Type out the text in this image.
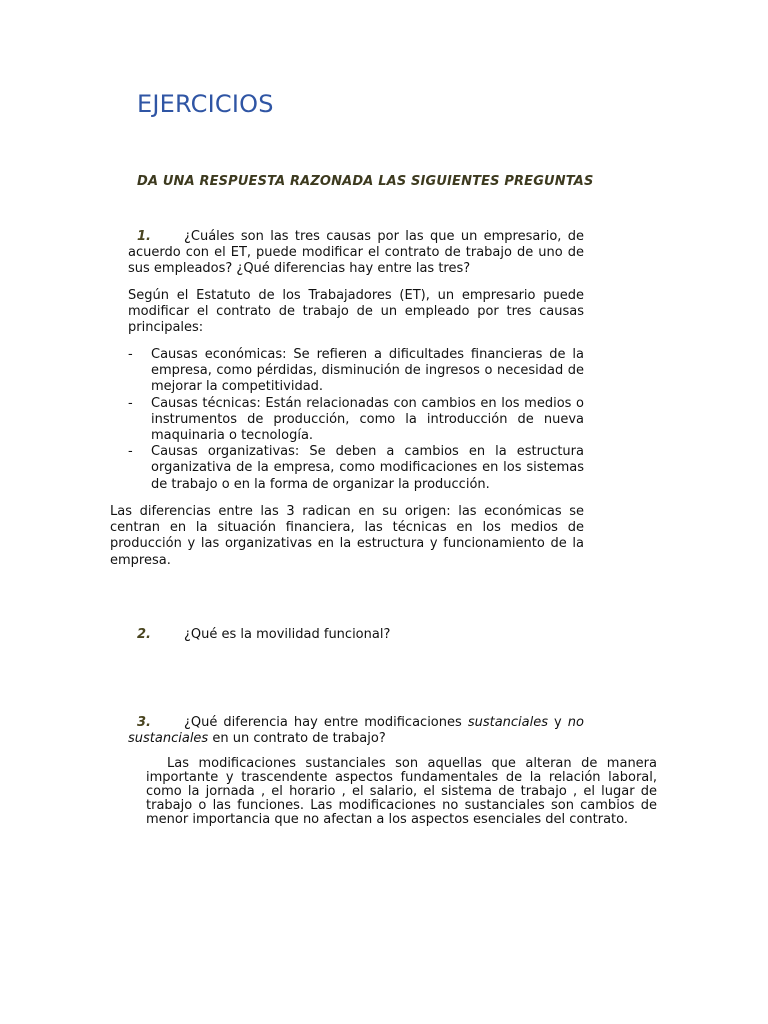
EJERCICIOS

DA UNA RESPUESTA RAZONADA LAS SIGUIENTES PREGUNTAS

1.	¿Cuáles son las tres causas por las que un empresario, de acuerdo con el ET, puede modificar el contrato de trabajo de uno de sus empleados? ¿Qué diferencias hay entre las tres?

Según el Estatuto de los Trabajadores (ET), un empresario puede modificar el contrato de trabajo de un empleado por tres causas principales:

- Causas económicas: Se refieren a dificultades financieras de la empresa, como pérdidas, disminución de ingresos o necesidad de mejorar la competitividad.
- Causas técnicas: Están relacionadas con cambios en los medios o instrumentos de producción, como la introducción de nueva maquinaria o tecnología.
- Causas organizativas: Se deben a cambios en la estructura organizativa de la empresa, como modificaciones en los sistemas de trabajo o en la forma de organizar la producción.

Las diferencias entre las 3 radican en su origen: las económicas se centran en la situación financiera, las técnicas en los medios de producción y las organizativas en la estructura y funcionamiento de la empresa.

2.	¿Qué es la movilidad funcional?

3.	¿Qué diferencia hay entre modificaciones sustanciales y no sustanciales en un contrato de trabajo?

Las modificaciones sustanciales son aquellas que alteran de manera importante y trascendente aspectos fundamentales de la relación laboral, como la jornada , el horario , el salario, el sistema de trabajo , el lugar de trabajo o las funciones. Las modificaciones no sustanciales son cambios de menor importancia que no afectan a los aspectos esenciales del contrato.
